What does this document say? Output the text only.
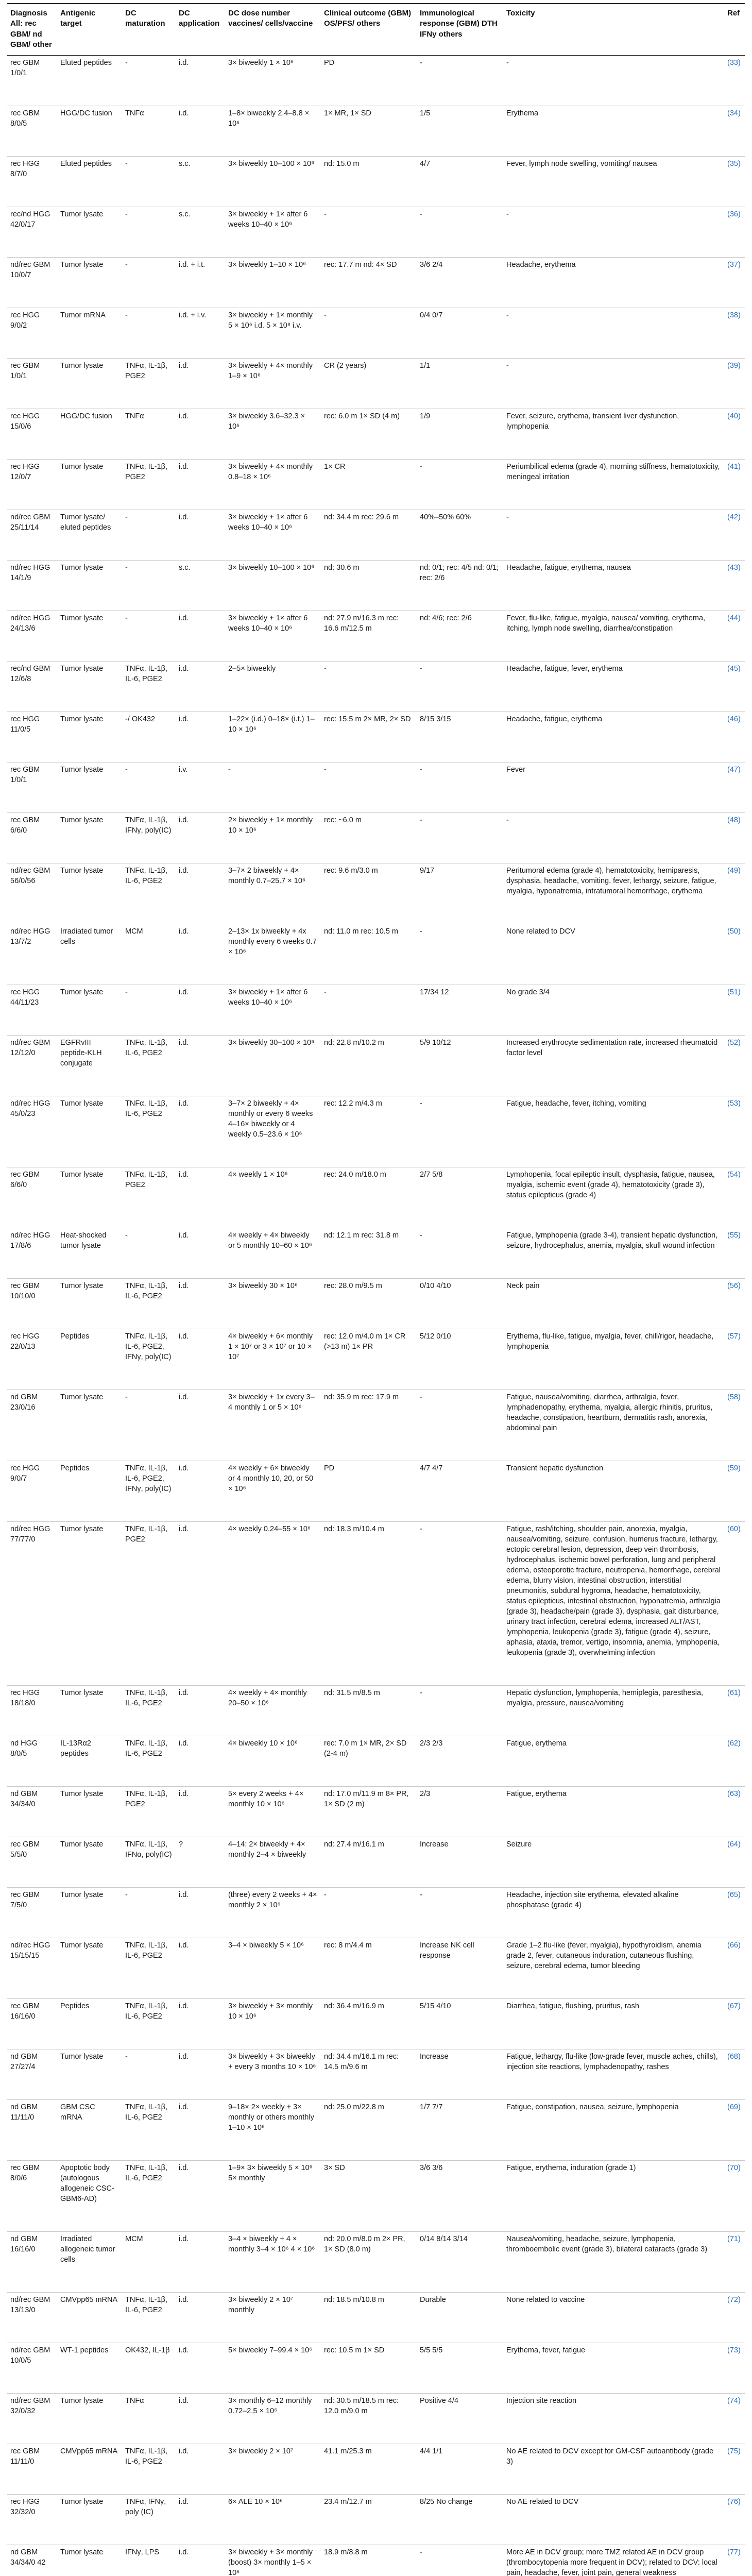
Diagnosis All: rec GBM/ nd GBM/ other	Antigenic target	DC maturation	DC application	DC dose number vaccines/ cells/vaccine	Clinical outcome (GBM) OS/PFS/ others	Immunological response (GBM) DTH IFNy others	Toxicity	Ref
rec GBM 1/0/1	Eluted peptides	-	i.d.	3× biweekly 1 × 10⁶	PD	-	-	(33)
rec GBM 8/0/5	HGG/DC fusion	TNFα	i.d.	1–8× biweekly 2.4–8.8 × 10⁶	1× MR, 1× SD	1/5	Erythema	(34)
rec HGG 8/7/0	Eluted peptides	-	s.c.	3× biweekly 10–100 × 10⁶	nd: 15.0 m	4/7	Fever, lymph node swelling, vomiting/ nausea	(35)
rec/nd HGG 42/0/17	Tumor lysate	-	s.c.	3× biweekly + 1× after 6 weeks 10–40 × 10⁶	-	-	-	(36)
nd/rec GBM 10/0/7	Tumor lysate	-	i.d. + i.t.	3× biweekly 1–10 × 10⁶	rec: 17.7 m nd: 4× SD	3/6 2/4	Headache, erythema	(37)
rec HGG 9/0/2	Tumor mRNA	-	i.d. + i.v.	3× biweekly + 1× monthly 5 × 10⁶ i.d. 5 × 10⁸ i.v.	-	0/4 0/7	-	(38)
rec GBM 1/0/1	Tumor lysate	TNFα, IL-1β, PGE2	i.d.	3× biweekly + 4× monthly 1–9 × 10⁶	CR (2 years)	1/1	-	(39)
rec HGG 15/0/6	HGG/DC fusion	TNFα	i.d.	3× biweekly 3.6–32.3 × 10⁶	rec: 6.0 m 1× SD (4 m)	1/9	Fever, seizure, erythema, transient liver dysfunction, lymphopenia	(40)
rec HGG 12/0/7	Tumor lysate	TNFα, IL-1β, PGE2	i.d.	3× biweekly + 4× monthly 0.8–18 × 10⁶	1× CR	-	Periumbilical edema (grade 4), morning stiffness, hematotoxicity, meningeal irritation	(41)
nd/rec GBM 25/11/14	Tumor lysate/ eluted peptides	-	i.d.	3× biweekly + 1× after 6 weeks 10–40 × 10⁶	nd: 34.4 m rec: 29.6 m	40%–50% 60%	-	(42)
nd/rec HGG 14/1/9	Tumor lysate	-	s.c.	3× biweekly 10–100 × 10⁶	nd: 30.6 m	nd: 0/1; rec: 4/5 nd: 0/1; rec: 2/6	Headache, fatigue, erythema, nausea	(43)
nd/rec HGG 24/13/6	Tumor lysate	-	i.d.	3× biweekly + 1× after 6 weeks 10–40 × 10⁶	nd: 27.9 m/16.3 m rec: 16.6 m/12.5 m	nd: 4/6; rec: 2/6	Fever, flu-like, fatigue, myalgia, nausea/ vomiting, erythema, itching, lymph node swelling, diarrhea/constipation	(44)
rec/nd GBM 12/6/8	Tumor lysate	TNFα, IL-1β, IL-6, PGE2	i.d.	2–5× biweekly	-	-	Headache, fatigue, fever, erythema	(45)
rec HGG 11/0/5	Tumor lysate	-/ OK432	i.d.	1–22× (i.d.) 0–18× (i.t.) 1–10 × 10⁶	rec: 15.5 m 2× MR, 2× SD	8/15 3/15	Headache, fatigue, erythema	(46)
rec GBM 1/0/1	Tumor lysate	-	i.v.	-	-	-	Fever	(47)
rec GBM 6/6/0	Tumor lysate	TNFα, IL-1β, IFNγ, poly(IC)	i.d.	2× biweekly + 1× monthly 10 × 10⁶	rec: ~6.0 m	-	-	(48)
nd/rec GBM 56/0/56	Tumor lysate	TNFα, IL-1β, IL-6, PGE2	i.d.	3–7× 2 biweekly + 4× monthly 0.7–25.7 × 10⁶	rec: 9.6 m/3.0 m	9/17	Peritumoral edema (grade 4), hematotoxicity, hemiparesis, dysphasia, headache, vomiting, fever, lethargy, seizure, fatigue, myalgia, hyponatremia, intratumoral hemorrhage, erythema	(49)
nd/rec HGG 13/7/2	Irradiated tumor cells	MCM	i.d.	2–13× 1x biweekly + 4x monthly every 6 weeks 0.7 × 10⁶	nd: 11.0 m rec: 10.5 m	-	None related to DCV	(50)
rec HGG 44/11/23	Tumor lysate	-	i.d.	3× biweekly + 1× after 6 weeks 10–40 × 10⁶	-	17/34 12	No grade 3/4	(51)
nd/rec GBM 12/12/0	EGFRvIII peptide-KLH conjugate	TNFα, IL-1β, IL-6, PGE2	i.d.	3× biweekly 30–100 × 10⁶	nd: 22.8 m/10.2 m	5/9 10/12	Increased erythrocyte sedimentation rate, increased rheumatoid factor level	(52)
nd/rec HGG 45/0/23	Tumor lysate	TNFα, IL-1β, IL-6, PGE2	i.d.	3–7× 2 biweekly + 4× monthly or every 6 weeks 4–16× biweekly or 4 weekly 0.5–23.6 × 10⁶	rec: 12.2 m/4.3 m	-	Fatigue, headache, fever, itching, vomiting	(53)
rec GBM 6/6/0	Tumor lysate	TNFα, IL-1β, PGE2	i.d.	4× weekly 1 × 10⁶	rec: 24.0 m/18.0 m	2/7 5/8	Lymphopenia, focal epileptic insult, dysphasia, fatigue, nausea, myalgia, ischemic event (grade 4), hematotoxicity (grade 3), status epilepticus (grade 4)	(54)
nd/rec HGG 17/8/6	Heat-shocked tumor lysate	-	i.d.	4× weekly + 4× biweekly or 5 monthly 10–60 × 10⁶	nd: 12.1 m rec: 31.8 m	-	Fatigue, lymphopenia (grade 3-4), transient hepatic dysfunction, seizure, hydrocephalus, anemia, myalgia, skull wound infection	(55)
rec GBM 10/10/0	Tumor lysate	TNFα, IL-1β, IL-6, PGE2	i.d.	3× biweekly 30 × 10⁶	rec: 28.0 m/9.5 m	0/10 4/10	Neck pain	(56)
rec HGG 22/0/13	Peptides	TNFα, IL-1β, IL-6, PGE2, IFNγ, poly(IC)	i.d.	4× biweekly + 6× monthly 1 × 10⁷ or 3 × 10⁷ or 10 × 10⁷	rec: 12.0 m/4.0 m 1× CR (>13 m) 1× PR	5/12 0/10	Erythema, flu-like, fatigue, myalgia, fever, chill/rigor, headache, lymphopenia	(57)
nd GBM 23/0/16	Tumor lysate	-	i.d.	3× biweekly + 1x every 3–4 monthly 1 or 5 × 10⁶	nd: 35.9 m rec: 17.9 m	-	Fatigue, nausea/vomiting, diarrhea, arthralgia, fever, lymphadenopathy, erythema, myalgia, allergic rhinitis, pruritus, headache, constipation, heartburn, dermatitis rash, anorexia, abdominal pain	(58)
rec HGG 9/0/7	Peptides	TNFα, IL-1β, IL-6, PGE2, IFNγ, poly(IC)	i.d.	4× weekly + 6× biweekly or 4 monthly 10, 20, or 50 × 10⁶	PD	4/7 4/7	Transient hepatic dysfunction	(59)
nd/rec HGG 77/77/0	Tumor lysate	TNFα, IL-1β, PGE2	i.d.	4× weekly 0.24–55 × 10⁶	nd: 18.3 m/10.4 m	-	Fatigue, rash/itching, shoulder pain, anorexia, myalgia, nausea/vomiting, seizure, confusion, humerus fracture, lethargy, ectopic cerebral lesion, depression, deep vein thrombosis, hydrocephalus, ischemic bowel perforation, lung and peripheral edema, osteoporotic fracture, neutropenia, hemorrhage, cerebral edema, blurry vision, intestinal obstruction, interstitial pneumonitis, subdural hygroma, headache, hematotoxicity, status epilepticus, intestinal obstruction, hyponatremia, arthralgia (grade 3), headache/pain (grade 3), dysphasia, gait disturbance, urinary tract infection, cerebral edema, increased ALT/AST, lymphopenia, leukopenia (grade 3), fatigue (grade 4), seizure, aphasia, ataxia, tremor, vertigo, insomnia, anemia, lymphopenia, leukopenia (grade 3), overwhelming infection	(60)
rec HGG 18/18/0	Tumor lysate	TNFα, IL-1β, IL-6, PGE2	i.d.	4× weekly + 4× monthly 20–50 × 10⁶	nd: 31.5 m/8.5 m	-	Hepatic dysfunction, lymphopenia, hemiplegia, paresthesia, myalgia, pressure, nausea/vomiting	(61)
nd HGG 8/0/5	IL-13Rα2 peptides	TNFα, IL-1β, IL-6, PGE2	i.d.	4× biweekly 10 × 10⁶	rec: 7.0 m 1× MR, 2× SD (2-4 m)	2/3 2/3	Fatigue, erythema	(62)
nd GBM 34/34/0	Tumor lysate	TNFα, IL-1β, PGE2	i.d.	5× every 2 weeks + 4× monthly 10 × 10⁶	nd: 17.0 m/11.9 m 8× PR, 1× SD (2 m)	2/3	Fatigue, erythema	(63)
rec GBM 5/5/0	Tumor lysate	TNFα, IL-1β, IFNα, poly(IC)	?	4–14: 2× biweekly + 4× monthly 2–4 × biweekly	nd: 27.4 m/16.1 m	Increase	Seizure	(64)
rec GBM 7/5/0	Tumor lysate	-	i.d.	(three) every 2 weeks + 4× monthly 2 × 10⁶	-	-	Headache, injection site erythema, elevated alkaline phosphatase (grade 4)	(65)
nd/rec HGG 15/15/15	Tumor lysate	TNFα, IL-1β, IL-6, PGE2	i.d.	3–4 × biweekly 5 × 10⁶	rec: 8 m/4.4 m	Increase NK cell response	Grade 1–2 flu-like (fever, myalgia), hypothyroidism, anemia grade 2, fever, cutaneous induration, cutaneous flushing, seizure, cerebral edema, tumor bleeding	(66)
rec GBM 16/16/0	Peptides	TNFα, IL-1β, IL-6, PGE2	i.d.	3× biweekly + 3× monthly 10 × 10⁶	nd: 36.4 m/16.9 m	5/15 4/10	Diarrhea, fatigue, flushing, pruritus, rash	(67)
nd GBM 27/27/4	Tumor lysate	-	i.d.	3× biweekly + 3× biweekly + every 3 months 10 × 10⁶	nd: 34.4 m/16.1 m rec: 14.5 m/9.6 m	Increase	Fatigue, lethargy, flu-like (low-grade fever, muscle aches, chills), injection site reactions, lymphadenopathy, rashes	(68)
nd GBM 11/11/0	GBM CSC mRNA	TNFα, IL-1β, IL-6, PGE2	i.d.	9–18× 2× weekly + 3× monthly or others monthly 1–10 × 10⁶	nd: 25.0 m/22.8 m	1/7 7/7	Fatigue, constipation, nausea, seizure, lymphopenia	(69)
rec GBM 8/0/6	Apoptotic body (autologous allogeneic CSC-GBM6-AD)	TNFα, IL-1β, IL-6, PGE2	i.d.	1–9× 3× biweekly 5 × 10⁶ 5× monthly	3× SD	3/6 3/6	Fatigue, erythema, induration (grade 1)	(70)
nd GBM 16/16/0	Irradiated allogeneic tumor cells	MCM	i.d.	3–4 × biweekly + 4 × monthly 3–4 × 10⁶ 4 × 10⁶	nd: 20.0 m/8.0 m 2× PR, 1× SD (8.0 m)	0/14 8/14 3/14	Nausea/vomiting, headache, seizure, lymphopenia, thromboembolic event (grade 3), bilateral cataracts (grade 3)	(71)
nd/rec GBM 13/13/0	CMVpp65 mRNA	TNFα, IL-1β, IL-6, PGE2	i.d.	3× biweekly 2 × 10⁷ monthly	nd: 18.5 m/10.8 m	Durable	None related to vaccine	(72)
nd/rec GBM 10/0/5	WT-1 peptides	OK432, IL-1β	i.d.	5× biweekly 7–99.4 × 10⁶	rec: 10.5 m 1× SD	5/5 5/5	Erythema, fever, fatigue	(73)
nd/rec GBM 32/0/32	Tumor lysate	TNFα	i.d.	3× monthly 6–12 monthly 0.72–2.5 × 10⁶	nd: 30.5 m/18.5 m rec: 12.0 m/9.0 m	Positive 4/4	Injection site reaction	(74)
rec GBM 11/11/0	CMVpp65 mRNA	TNFα, IL-1β, IL-6, PGE2	i.d.	3× biweekly 2 × 10⁷	41.1 m/25.3 m	4/4 1/1	No AE related to DCV except for GM-CSF autoantibody (grade 3)	(75)
rec HGG 32/32/0	Tumor lysate	TNFα, IFNγ, poly (IC)	i.d.	6× ALE 10 × 10⁶	23.4 m/12.7 m	8/25 No change	No AE related to DCV	(76)
nd GBM 34/34/0 42	Tumor lysate	IFNγ, LPS	i.d.	3× biweekly + 3× monthly (boost) 3× monthly 1–5 × 10⁶	18.9 m/8.8 m	-	More AE in DCV group; more TMZ related AE in DCV group (thrombocytopenia more frequent in DCV); related to DCV: local pain, headache, fever, joint pain, general weakness	(77)
